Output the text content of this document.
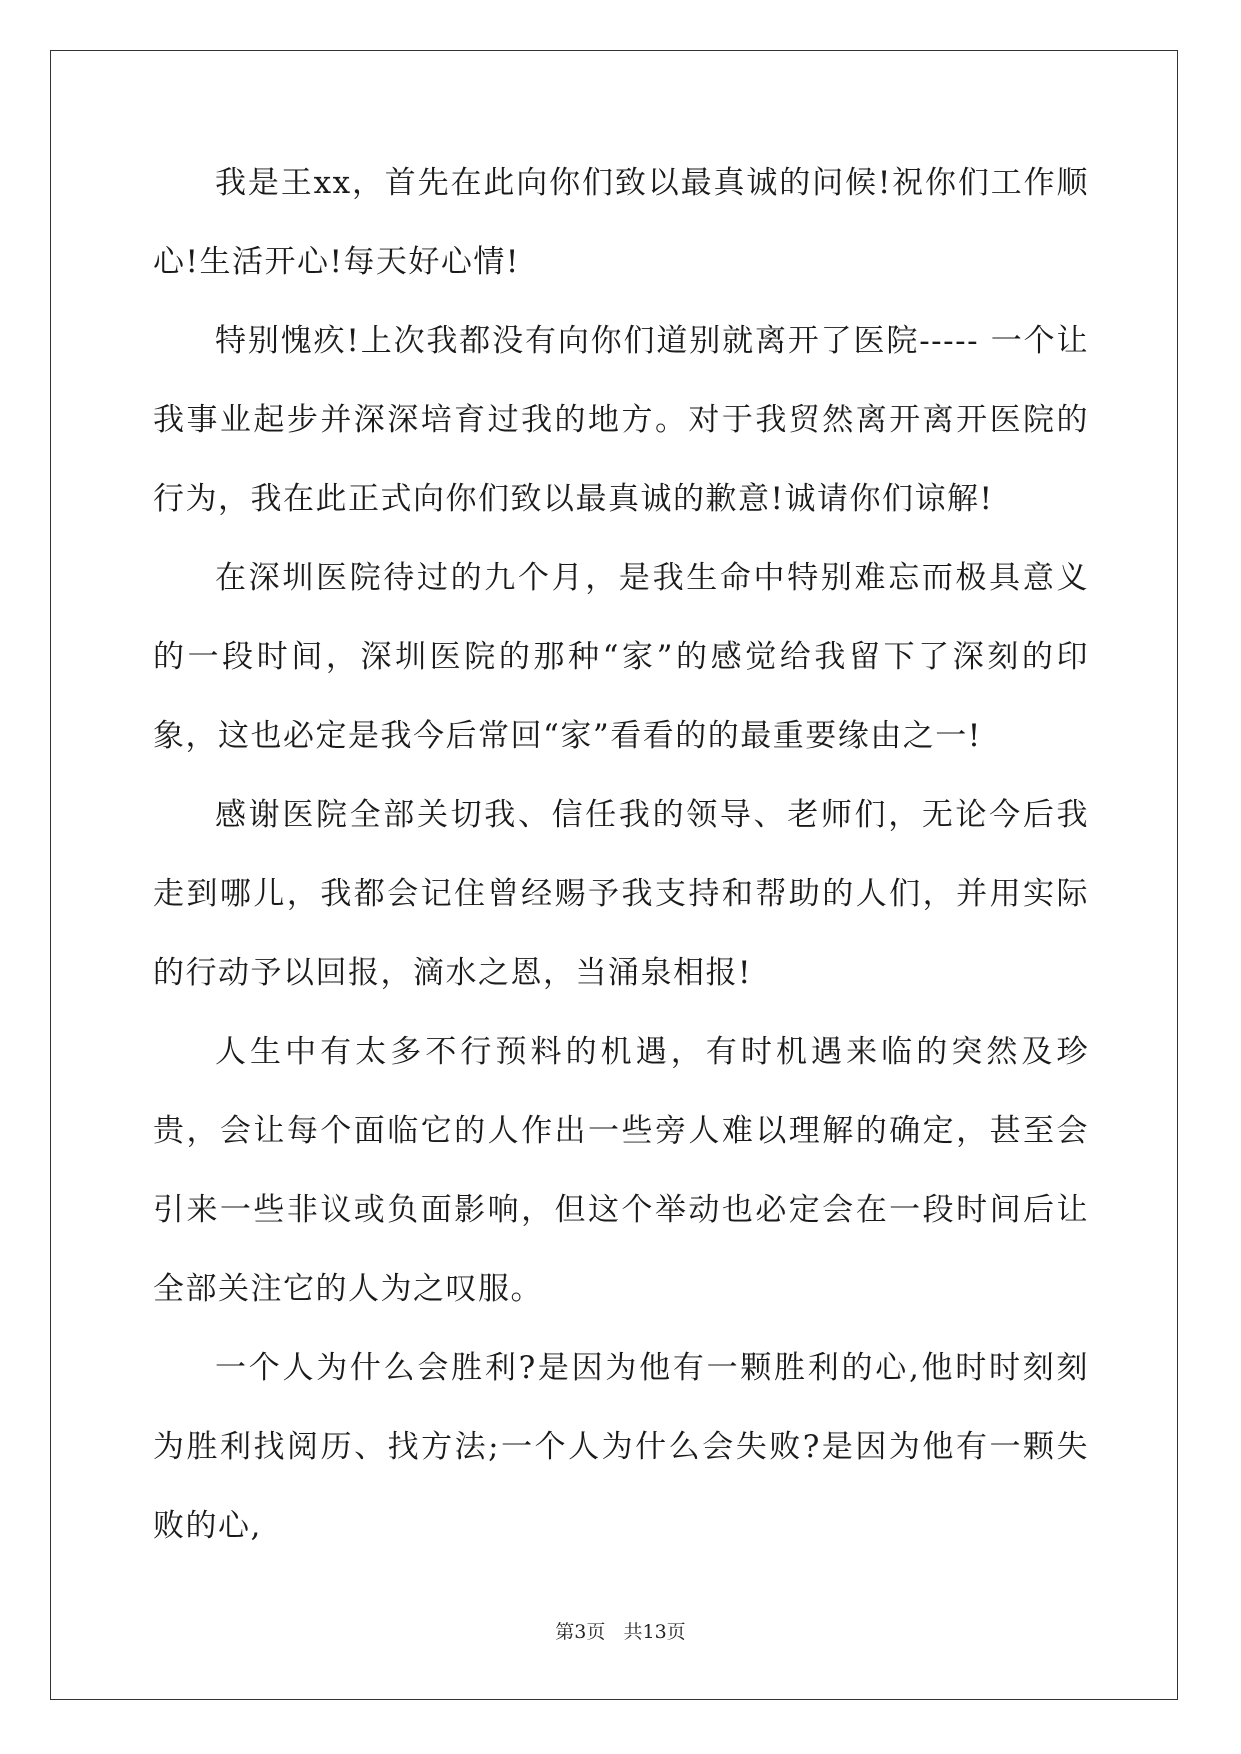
我是王xx，首先在此向你们致以最真诚的问候!祝你们工作顺心!生活开心!每天好心情!

特别愧疚!上次我都没有向你们道别就离开了医院----- 一个让我事业起步并深深培育过我的地方。对于我贸然离开离开医院的行为，我在此正式向你们致以最真诚的歉意!诚请你们谅解!

在深圳医院待过的九个月，是我生命中特别难忘而极具意义的一段时间，深圳医院的那种“家”的感觉给我留下了深刻的印象，这也必定是我今后常回“家”看看的的最重要缘由之一!

感谢医院全部关切我、信任我的领导、老师们，无论今后我走到哪儿，我都会记住曾经赐予我支持和帮助的人们，并用实际的行动予以回报，滴水之恩，当涌泉相报!

人生中有太多不行预料的机遇，有时机遇来临的突然及珍贵，会让每个面临它的人作出一些旁人难以理解的确定，甚至会引来一些非议或负面影响，但这个举动也必定会在一段时间后让全部关注它的人为之叹服。

一个人为什么会胜利?是因为他有一颗胜利的心,他时时刻刻为胜利找阅历、找方法;一个人为什么会失败?是因为他有一颗失败的心,

第3页   共13页
